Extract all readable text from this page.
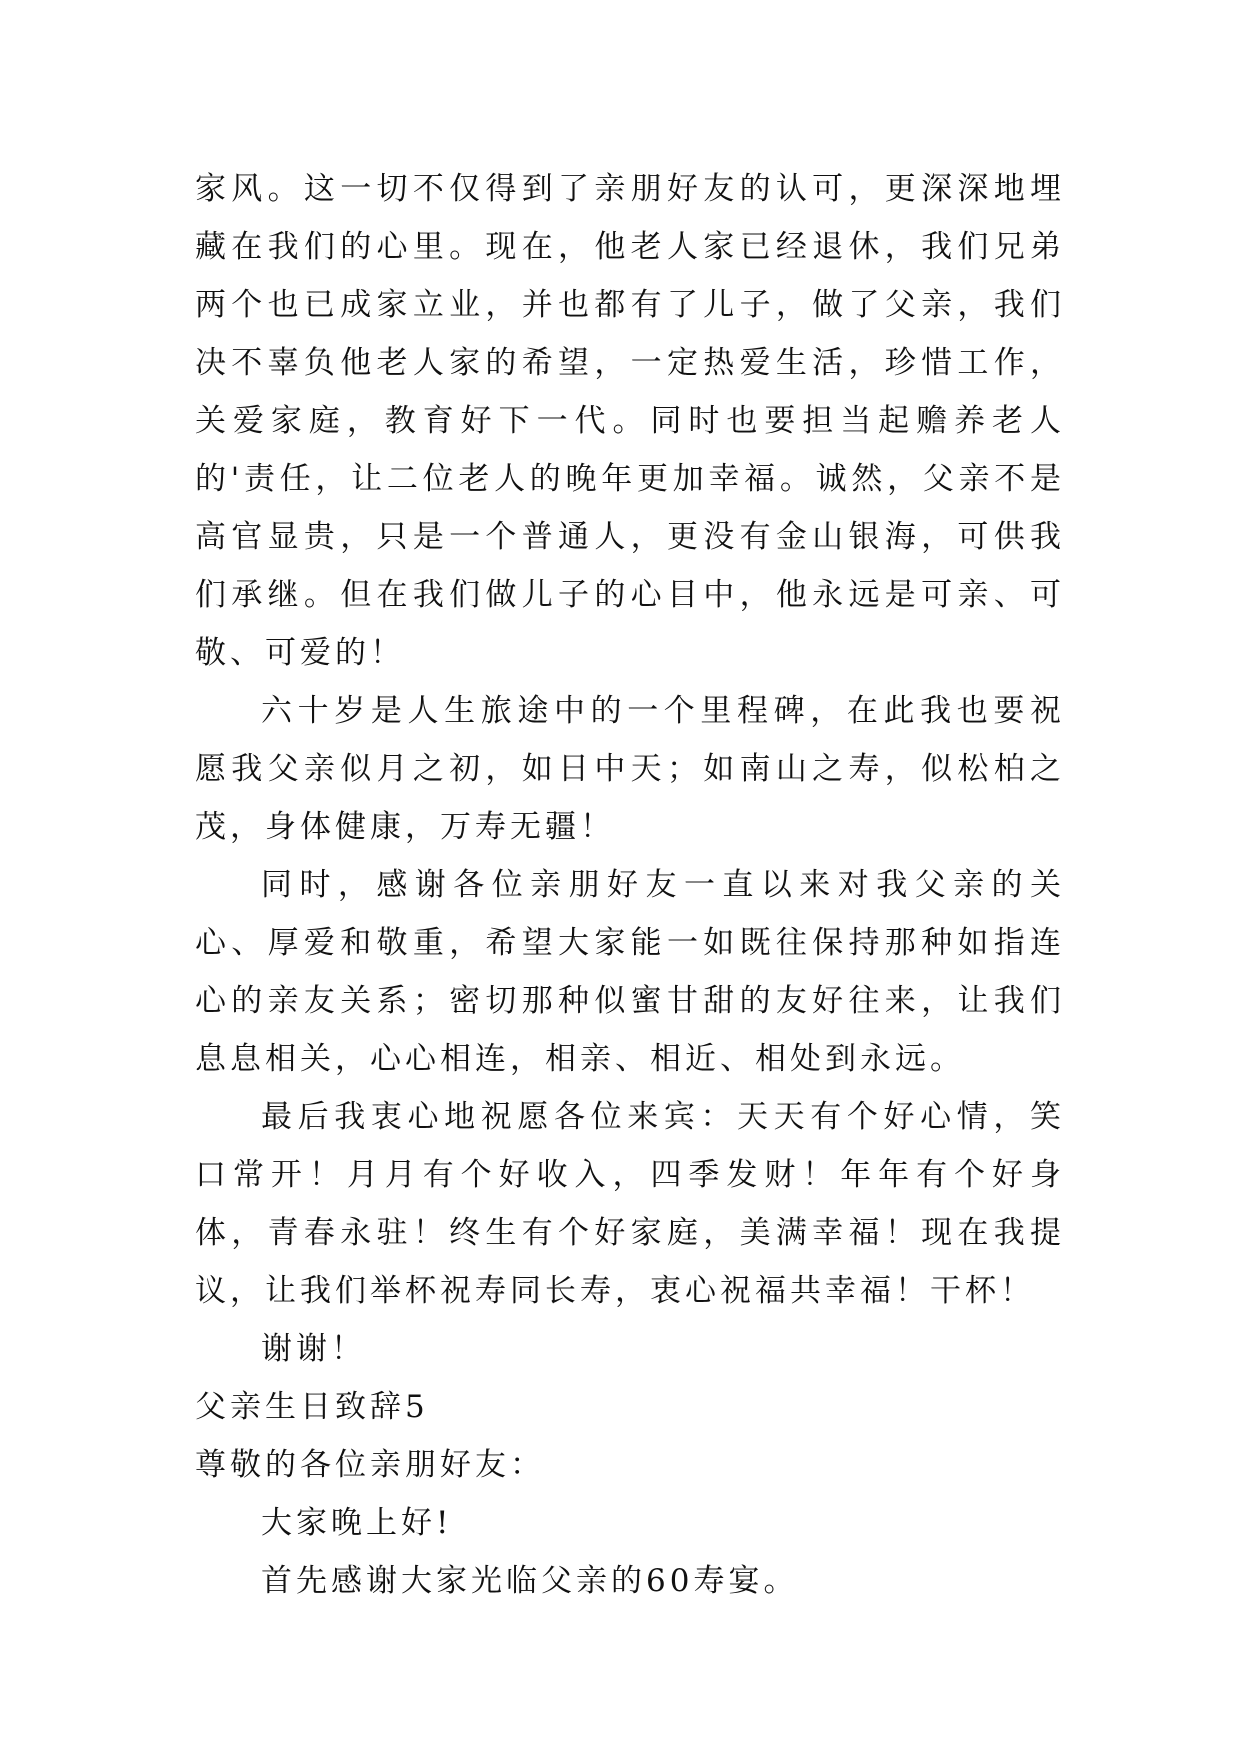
家风。这一切不仅得到了亲朋好友的认可，更深深地埋藏在我们的心里。现在，他老人家已经退休，我们兄弟两个也已成家立业，并也都有了儿子，做了父亲，我们决不辜负他老人家的希望，一定热爱生活，珍惜工作，关爱家庭，教育好下一代。同时也要担当起赡养老人的'责任，让二位老人的晚年更加幸福。诚然，父亲不是高官显贵，只是一个普通人，更没有金山银海，可供我们承继。但在我们做儿子的心目中，他永远是可亲、可敬、可爱的！

六十岁是人生旅途中的一个里程碑，在此我也要祝愿我父亲似月之初，如日中天；如南山之寿，似松柏之茂，身体健康，万寿无疆！

同时，感谢各位亲朋好友一直以来对我父亲的关心、厚爱和敬重，希望大家能一如既往保持那种如指连心的亲友关系；密切那种似蜜甘甜的友好往来，让我们息息相关，心心相连，相亲、相近、相处到永远。

最后我衷心地祝愿各位来宾：天天有个好心情，笑口常开！月月有个好收入，四季发财！年年有个好身体，青春永驻！终生有个好家庭，美满幸福！现在我提议，让我们举杯祝寿同长寿，衷心祝福共幸福！干杯！

谢谢！

父亲生日致辞5

尊敬的各位亲朋好友：

大家晚上好!

首先感谢大家光临父亲的60寿宴。
